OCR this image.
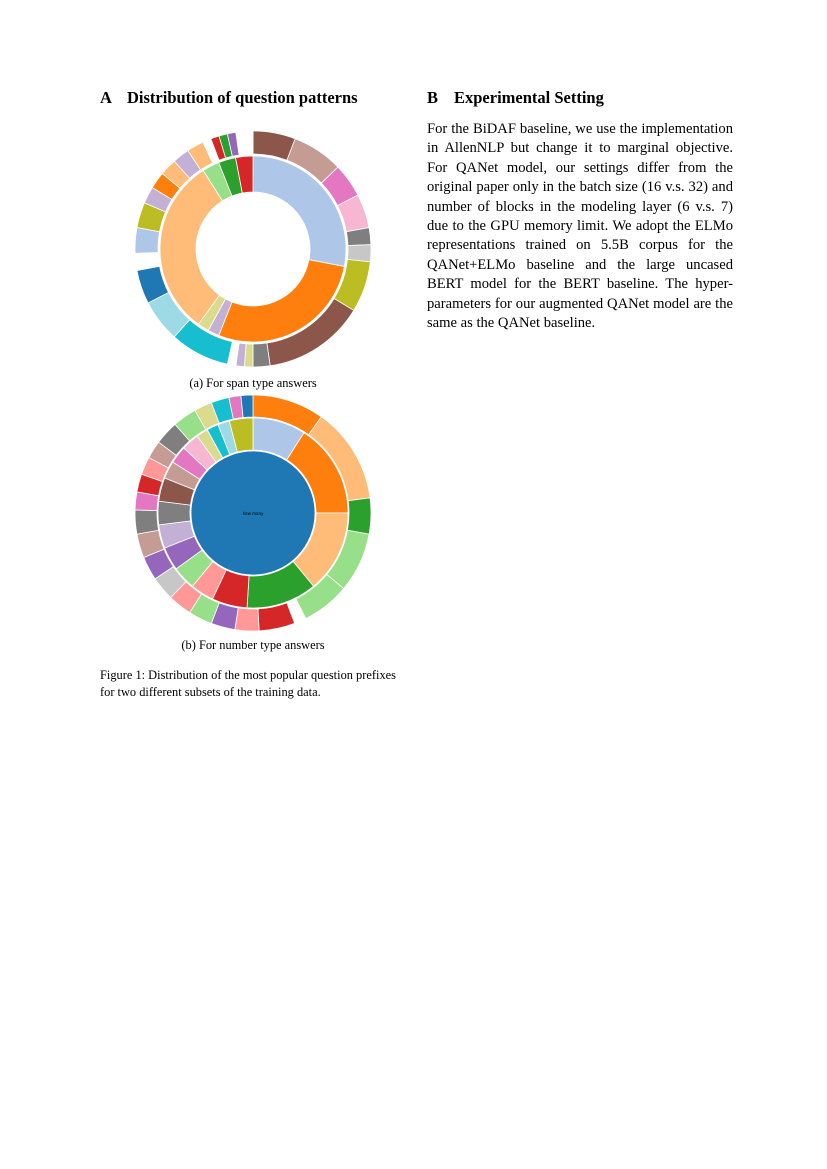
A Distribution of question patterns
(a) For span type answers
how many
(b) For number type answers
Figure 1: Distribution of the most popular question prefixes for two different subsets of the training data.
B Experimental Setting

For the BiDAF baseline, we use the implementation in AllenNLP but change it to marginal objective. For QANet model, our settings differ from the original paper only in the batch size (16 v.s. 32) and number of blocks in the modeling layer (6 v.s. 7) due to the GPU memory limit. We adopt the ELMo representations trained on 5.5B corpus for the QANet+ELMo baseline and the large uncased BERT model for the BERT baseline. The hyper-parameters for our augmented QANet model are the same as the QANet baseline.
